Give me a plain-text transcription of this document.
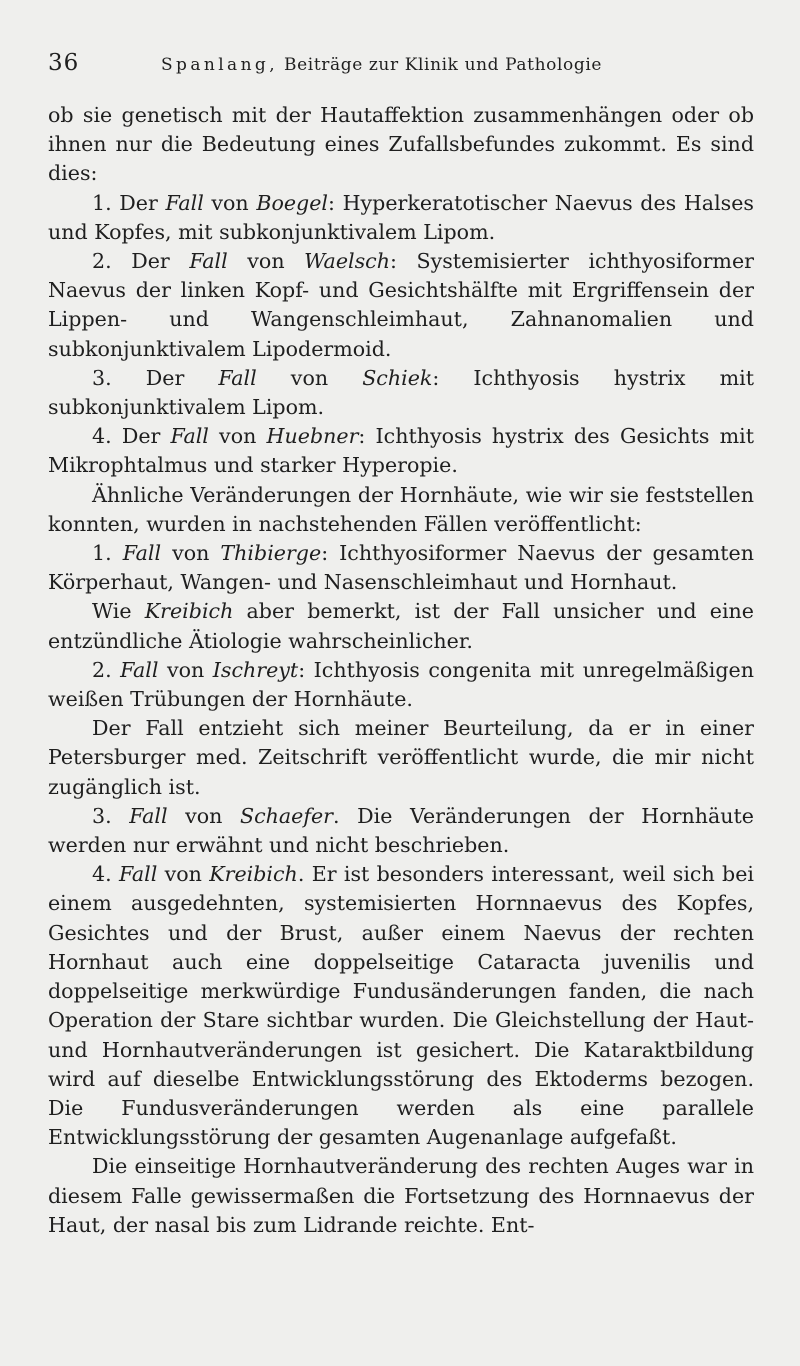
36	Spanlang, Beiträge zur Klinik und Pathologie

ob sie genetisch mit der Hautaffektion zusammenhängen oder ob ihnen nur die Bedeutung eines Zufallsbefundes zukommt. Es sind dies:

1. Der Fall von Boegel: Hyperkeratotischer Naevus des Halses und Kopfes, mit subkonjunktivalem Lipom.

2. Der Fall von Waelsch: Systemisierter ichthyosiformer Naevus der linken Kopf- und Gesichtshälfte mit Ergriffensein der Lippen- und Wangenschleimhaut, Zahnanomalien und subkonjunktivalem Lipodermoid.

3. Der Fall von Schiek: Ichthyosis hystrix mit subkonjunktivalem Lipom.

4. Der Fall von Huebner: Ichthyosis hystrix des Gesichts mit Mikrophtalmus und starker Hyperopie.

Ähnliche Veränderungen der Hornhäute, wie wir sie feststellen konnten, wurden in nachstehenden Fällen veröffentlicht:

1. Fall von Thibierge: Ichthyosiformer Naevus der gesamten Körperhaut, Wangen- und Nasenschleimhaut und Hornhaut.

Wie Kreibich aber bemerkt, ist der Fall unsicher und eine entzündliche Ätiologie wahrscheinlicher.

2. Fall von Ischreyt: Ichthyosis congenita mit unregelmäßigen weißen Trübungen der Hornhäute.

Der Fall entzieht sich meiner Beurteilung, da er in einer Petersburger med. Zeitschrift veröffentlicht wurde, die mir nicht zugänglich ist.

3. Fall von Schaefer. Die Veränderungen der Hornhäute werden nur erwähnt und nicht beschrieben.

4. Fall von Kreibich. Er ist besonders interessant, weil sich bei einem ausgedehnten, systemisierten Hornnaevus des Kopfes, Gesichtes und der Brust, außer einem Naevus der rechten Hornhaut auch eine doppelseitige Cataracta juvenilis und doppelseitige merkwürdige Fundusänderungen fanden, die nach Operation der Stare sichtbar wurden. Die Gleichstellung der Haut- und Hornhautveränderungen ist gesichert. Die Kataraktbildung wird auf dieselbe Entwicklungsstörung des Ektoderms bezogen. Die Fundusveränderungen werden als eine parallele Entwicklungsstörung der gesamten Augenanlage aufgefaßt.

Die einseitige Hornhautveränderung des rechten Auges war in diesem Falle gewissermaßen die Fortsetzung des Hornnaevus der Haut, der nasal bis zum Lidrande reichte. Ent-
